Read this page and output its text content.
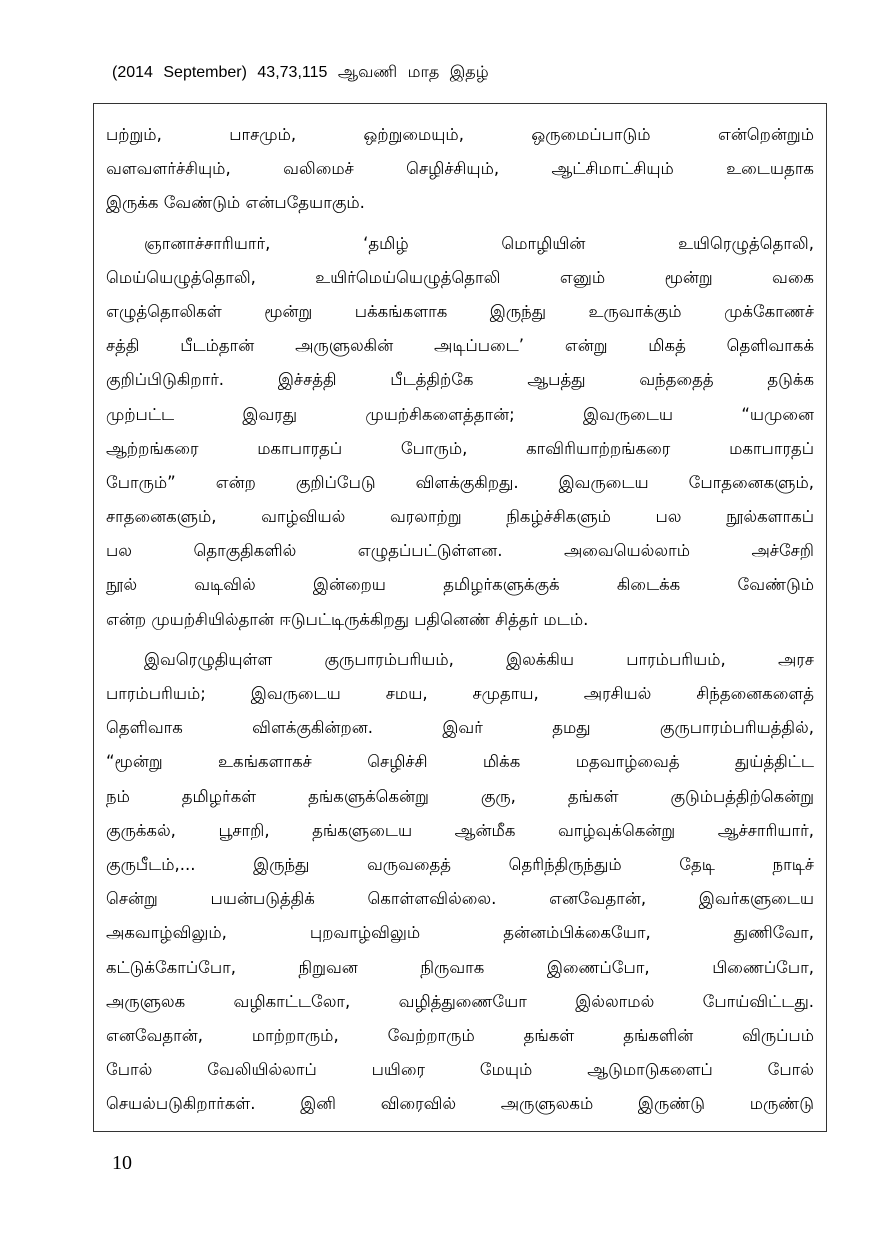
(2014 September) 43,73,115 ஆவணி மாத இதழ்
பற்றும், பாசமும், ஒற்றுமையும், ஒருமைப்பாடும் என்றென்றும்
வளவளர்ச்சியும், வலிமைச் செழிச்சியும், ஆட்சிமாட்சியும் உடையதாக
இருக்க வேண்டும் என்பதேயாகும்.
ஞானாச்சாரியார், ‘தமிழ் மொழியின் உயிரெழுத்தொலி,
மெய்யெழுத்தொலி, உயிர்மெய்யெழுத்தொலி எனும் மூன்று வகை
எழுத்தொலிகள் மூன்று பக்கங்களாக இருந்து உருவாக்கும் முக்கோணச்
சத்தி பீடம்தான் அருளுலகின் அடிப்படை’ என்று மிகத் தெளிவாகக்
குறிப்பிடுகிறார். இச்சத்தி பீடத்திற்கே ஆபத்து வந்ததைத் தடுக்க
முற்பட்ட இவரது முயற்சிகளைத்தான்; இவருடைய “யமுனை
ஆற்றங்கரை மகாபாரதப் போரும், காவிரியாற்றங்கரை மகாபாரதப்
போரும்” என்ற குறிப்பேடு விளக்குகிறது. இவருடைய போதனைகளும்,
சாதனைகளும், வாழ்வியல் வரலாற்று நிகழ்ச்சிகளும் பல நூல்களாகப்
பல தொகுதிகளில் எழுதப்பட்டுள்ளன. அவையெல்லாம் அச்சேறி
நூல் வடிவில் இன்றைய தமிழர்களுக்குக் கிடைக்க வேண்டும்
என்ற முயற்சியில்தான் ஈடுபட்டிருக்கிறது பதினெண் சித்தர் மடம்.
இவரெழுதியுள்ள குருபாரம்பரியம், இலக்கிய பாரம்பரியம், அரச
பாரம்பரியம்; இவருடைய சமய, சமுதாய, அரசியல் சிந்தனைகளைத்
தெளிவாக விளக்குகின்றன. இவர் தமது குருபாரம்பரியத்தில்,
“மூன்று உகங்களாகச் செழிச்சி மிக்க மதவாழ்வைத் துய்த்திட்ட
நம் தமிழர்கள் தங்களுக்கென்று குரு, தங்கள் குடும்பத்திற்கென்று
குருக்கல், பூசாறி, தங்களுடைய ஆன்மீக வாழ்வுக்கென்று ஆச்சாரியார்,
குருபீடம்,... இருந்து வருவதைத் தெரிந்திருந்தும் தேடி நாடிச்
சென்று பயன்படுத்திக் கொள்ளவில்லை. எனவேதான், இவர்களுடைய
அகவாழ்விலும், புறவாழ்விலும் தன்னம்பிக்கையோ, துணிவோ,
கட்டுக்கோப்போ, நிறுவன நிருவாக இணைப்போ, பிணைப்போ,
அருளுலக வழிகாட்டலோ, வழித்துணையோ இல்லாமல் போய்விட்டது.
எனவேதான், மாற்றாரும், வேற்றாரும் தங்கள் தங்களின் விருப்பம்
போல் வேலியில்லாப் பயிரை மேயும் ஆடுமாடுகளைப் போல்
செயல்படுகிறார்கள். இனி விரைவில் அருளுலகம் இருண்டு மருண்டு
10
